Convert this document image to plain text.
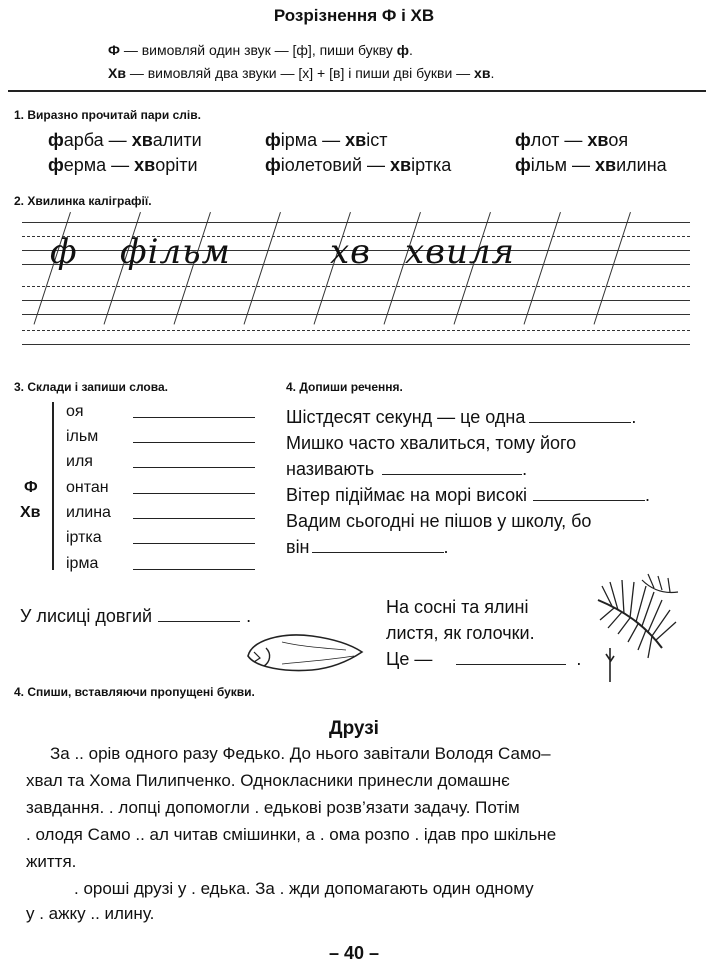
Розрізнення Ф і ХВ
Ф — вимовляй один звук — [ф], пиши букву ф.
Хв — вимовляй два звуки — [х] + [в] і пиши дві букви — хв.
1. Виразно прочитай пари слів.
фарба — хвалити	фірма — хвіст	флот — хвоя
ферма — хворіти	фіолетовий — хвіртка	фільм — хвилина
2. Хвилинка каліграфії.
ф фільм	хв хвиля
3. Склади і запиши слова.
Ф
Хв
оя
ільм
иля
онтан
илина
іртка
ірма
4. Допиши речення.
Шістдесят секунд — це одна	.
Мишко часто хвалиться, тому його
називають	.
Вітер підіймає на морі високі	.
Вадим сьогодні не пішов у школу, бо
він	.
У лисиці довгий	.	На сосні та ялині
листя, як голочки.
Це —	.
4. Спиши, вставляючи пропущені букви.
Друзі
За .. орів одного разу Федько. До нього завітали Володя Само–
хвал та Хома Пилипченко. Однокласники принесли домашнє
завдання. . лопці допомогли . едькові розв’язати задачу. Потім
. олодя Само .. ал читав смішинки, а . ома розпо . ідав про шкільне
життя.
. ороші друзі у . едька. За . жди допомагають один одному
у . ажку .. илину.
– 40 –
